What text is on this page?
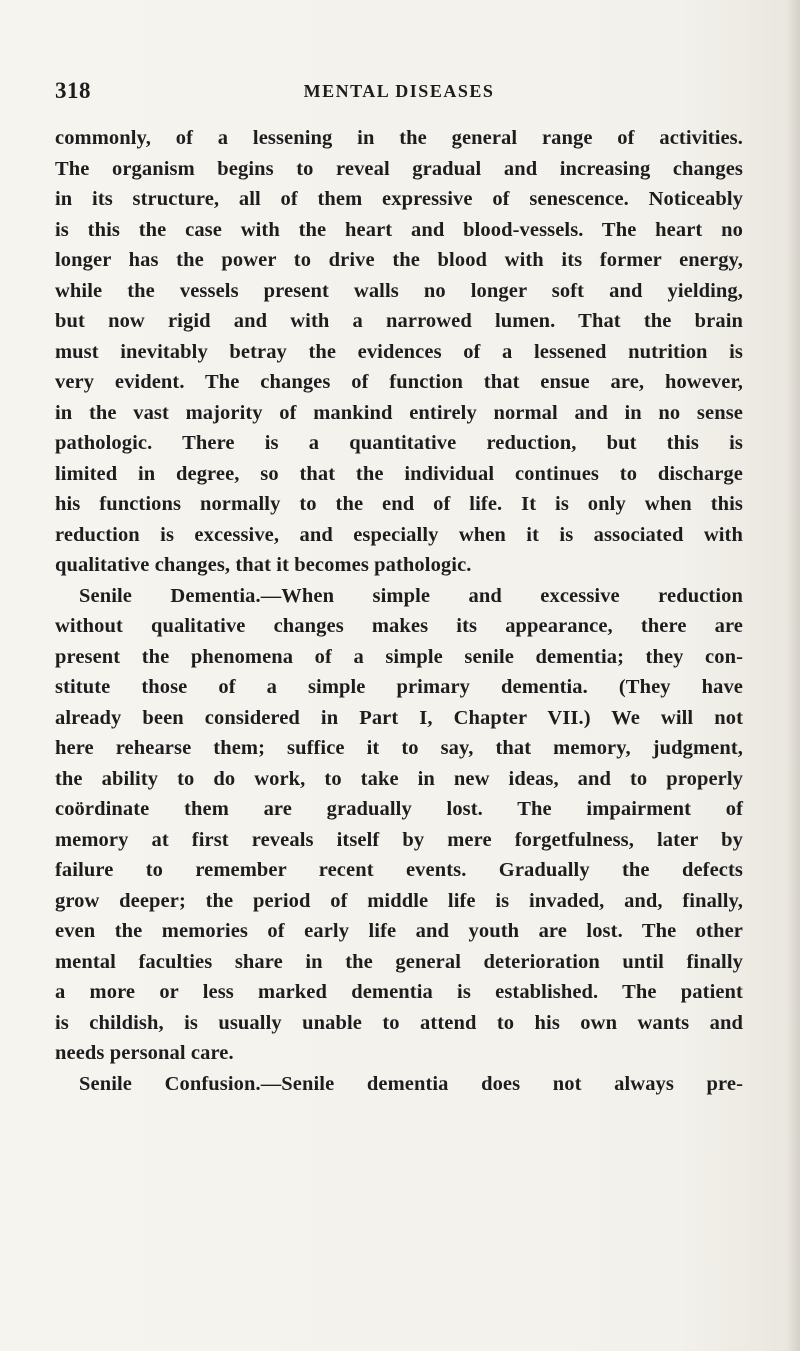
318	MENTAL DISEASES
commonly, of a lessening in the general range of activities.
The organism begins to reveal gradual and increasing changes
in its structure, all of them expressive of senescence. Noticeably
is this the case with the heart and blood-vessels. The heart no
longer has the power to drive the blood with its former energy,
while the vessels present walls no longer soft and yielding,
but now rigid and with a narrowed lumen. That the brain
must inevitably betray the evidences of a lessened nutrition is
very evident. The changes of function that ensue are, however,
in the vast majority of mankind entirely normal and in no sense
pathologic. There is a quantitative reduction, but this is
limited in degree, so that the individual continues to discharge
his functions normally to the end of life. It is only when this
reduction is excessive, and especially when it is associated with
qualitative changes, that it becomes pathologic.
Senile Dementia.—When simple and excessive reduction
without qualitative changes makes its appearance, there are
present the phenomena of a simple senile dementia; they con-
stitute those of a simple primary dementia. (They have
already been considered in Part I, Chapter VII.) We will not
here rehearse them; suffice it to say, that memory, judgment,
the ability to do work, to take in new ideas, and to properly
coördinate them are gradually lost. The impairment of
memory at first reveals itself by mere forgetfulness, later by
failure to remember recent events. Gradually the defects
grow deeper; the period of middle life is invaded, and, finally,
even the memories of early life and youth are lost. The other
mental faculties share in the general deterioration until finally
a more or less marked dementia is established. The patient
is childish, is usually unable to attend to his own wants and
needs personal care.
Senile Confusion.—Senile dementia does not always pre-
